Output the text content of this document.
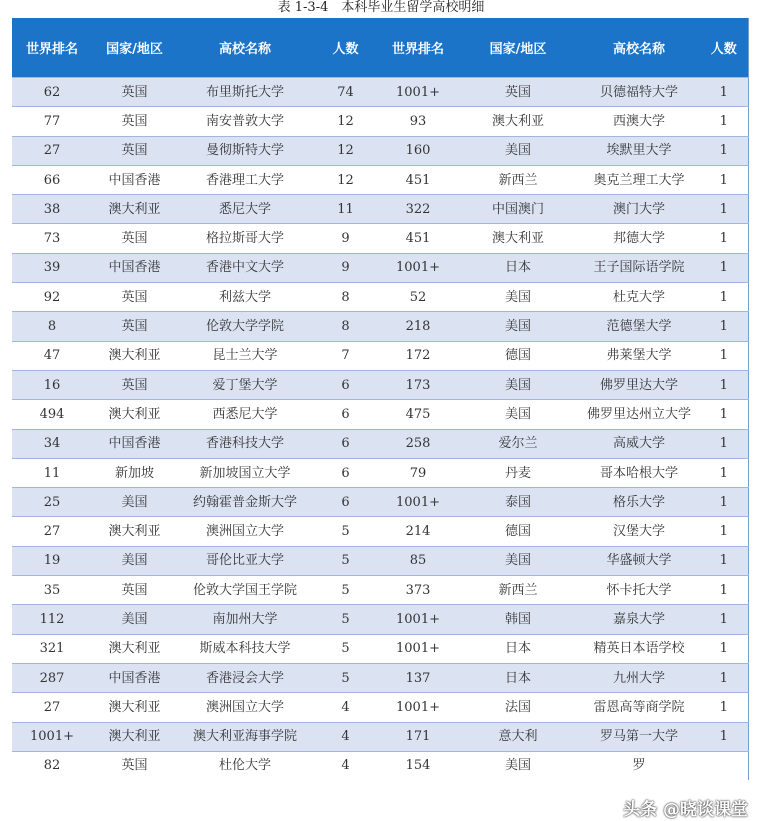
表 1-3-4　本科毕业生留学高校明细
世界排名	国家/地区	高校名称	人数	世界排名	国家/地区	高校名称	人数
62	英国	布里斯托大学	74	1001+	英国	贝德福特大学	1
77	英国	南安普敦大学	12	93	澳大利亚	西澳大学	1
27	英国	曼彻斯特大学	12	160	美国	埃默里大学	1
66	中国香港	香港理工大学	12	451	新西兰	奥克兰理工大学	1
38	澳大利亚	悉尼大学	11	322	中国澳门	澳门大学	1
73	英国	格拉斯哥大学	9	451	澳大利亚	邦德大学	1
39	中国香港	香港中文大学	9	1001+	日本	王子国际语学院	1
92	英国	利兹大学	8	52	美国	杜克大学	1
8	英国	伦敦大学学院	8	218	美国	范德堡大学	1
47	澳大利亚	昆士兰大学	7	172	德国	弗莱堡大学	1
16	英国	爱丁堡大学	6	173	美国	佛罗里达大学	1
494	澳大利亚	西悉尼大学	6	475	美国	佛罗里达州立大学	1
34	中国香港	香港科技大学	6	258	爱尔兰	高威大学	1
11	新加坡	新加坡国立大学	6	79	丹麦	哥本哈根大学	1
25	美国	约翰霍普金斯大学	6	1001+	泰国	格乐大学	1
27	澳大利亚	澳洲国立大学	5	214	德国	汉堡大学	1
19	美国	哥伦比亚大学	5	85	美国	华盛顿大学	1
35	英国	伦敦大学国王学院	5	373	新西兰	怀卡托大学	1
112	美国	南加州大学	5	1001+	韩国	嘉泉大学	1
321	澳大利亚	斯威本科技大学	5	1001+	日本	精英日本语学校	1
287	中国香港	香港浸会大学	5	137	日本	九州大学	1
27	澳大利亚	澳洲国立大学	4	1001+	法国	雷恩高等商学院	1
1001+	澳大利亚	澳大利亚海事学院	4	171	意大利	罗马第一大学	1
82	英国	杜伦大学	4	154	美国	罗	
头条 @晓谈课堂
